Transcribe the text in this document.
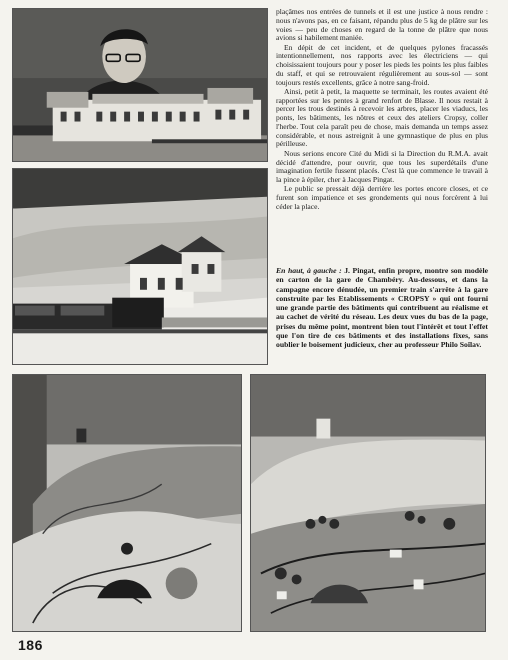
plaçâmes nos entrées de tunnels et il est une justice à nous rendre : nous n'avons pas, en ce faisant, répandu plus de 5 kg de plâtre sur les voies — peu de choses en regard de la tonne de plâtre que nous avions si habilement maniée.

En dépit de cet incident, et de quelques pylones fracassés intentionnellement, nos rapports avec les électriciens — qui choisissaient toujours pour y poser les pieds les points les plus faibles du staff, et qui se retrouvaient régulièrement au sous-sol — sont toujours restés excellents, grâce à notre sang-froid.

Ainsi, petit à petit, la maquette se terminait, les routes avaient été rapportées sur les pentes à grand renfort de Blasse. Il nous restait à percer les trous destinés à recevoir les arbres, placer les viaducs, les ponts, les bâtiments, les nôtres et ceux des ateliers Cropsy, coller l'herbe. Tout cela paraît peu de chose, mais demanda un temps assez considérable, et nous astreignit à une gymnastique de plus en plus périlleuse.

Nous serions encore Cité du Midi si la Direction du R.M.A. avait décidé d'attendre, pour ouvrir, que tous les superdétails d'une imagination fertile fussent placés. C'est là que commence le travail à la pince à épiler, cher à Jacques Pingat.

Le public se pressait déjà derrière les portes encore closes, et ce furent son impatience et ses grondements qui nous forcèrent à lui céder la place.

En haut, à gauche : J. Pingat, enfin propre, montre son modèle en carton de la gare de Chambéry. Au-dessous, et dans la campagne encore dénudée, un premier train s'arrête à la gare construite par les Etablissements « CROPSY » qui ont fourni une grande partie des bâtiments qui contribuent au réalisme et au cachet de vérité du réseau. Les deux vues du bas de la page, prises du même point, montrent bien tout l'intérêt et tout l'effet que l'on tire de ces bâtiments et des installations fixes, sans oublier le boisement judicieux, cher au professeur Philo Soïlav.
186
